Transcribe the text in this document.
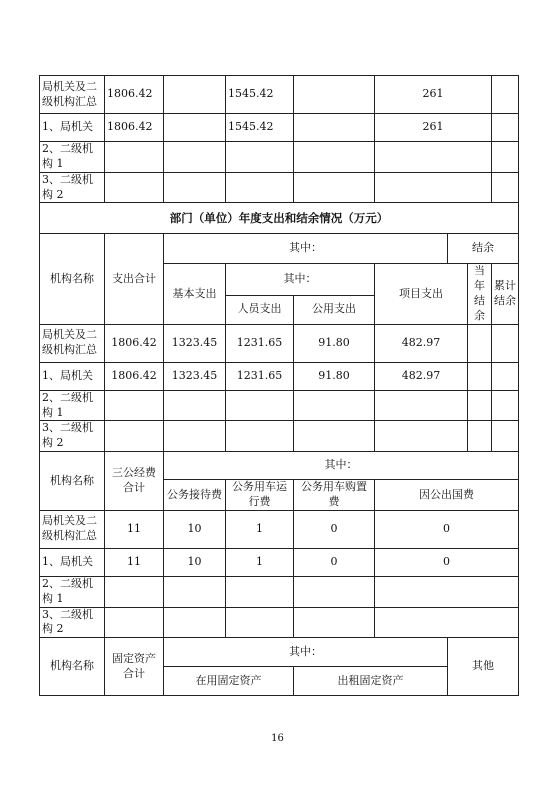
局机关及二级机构汇总	1806.42		1545.42		261			
1、局机关	1806.42		1545.42		261			
2、二级机构 1								
3、二级机构 2								
部门（单位）年度支出和结余情况（万元）								
机构名称	支出合计	其中：				结余		
		基本支出	其中：		项目支出		当年结余	累计结余
			人员支出	公用支出				
局机关及二级机构汇总	1806.42	1323.45	1231.65	91.80	482.97			
1、局机关	1806.42	1323.45	1231.65	91.80	482.97			
2、二级机构 1								
3、二级机构 2								
机构名称	三公经费合计	其中：						
		公务接待费	公务用车运行费	公务用车购置费	因公出国费			
局机关及二级机构汇总	11	10	1	0	0			
1、局机关	11	10	1	0	0			
2、二级机构 1								
3、二级机构 2								
机构名称	固定资产合计	其中：				其他		
		在用固定资产		出租固定资产				
16
